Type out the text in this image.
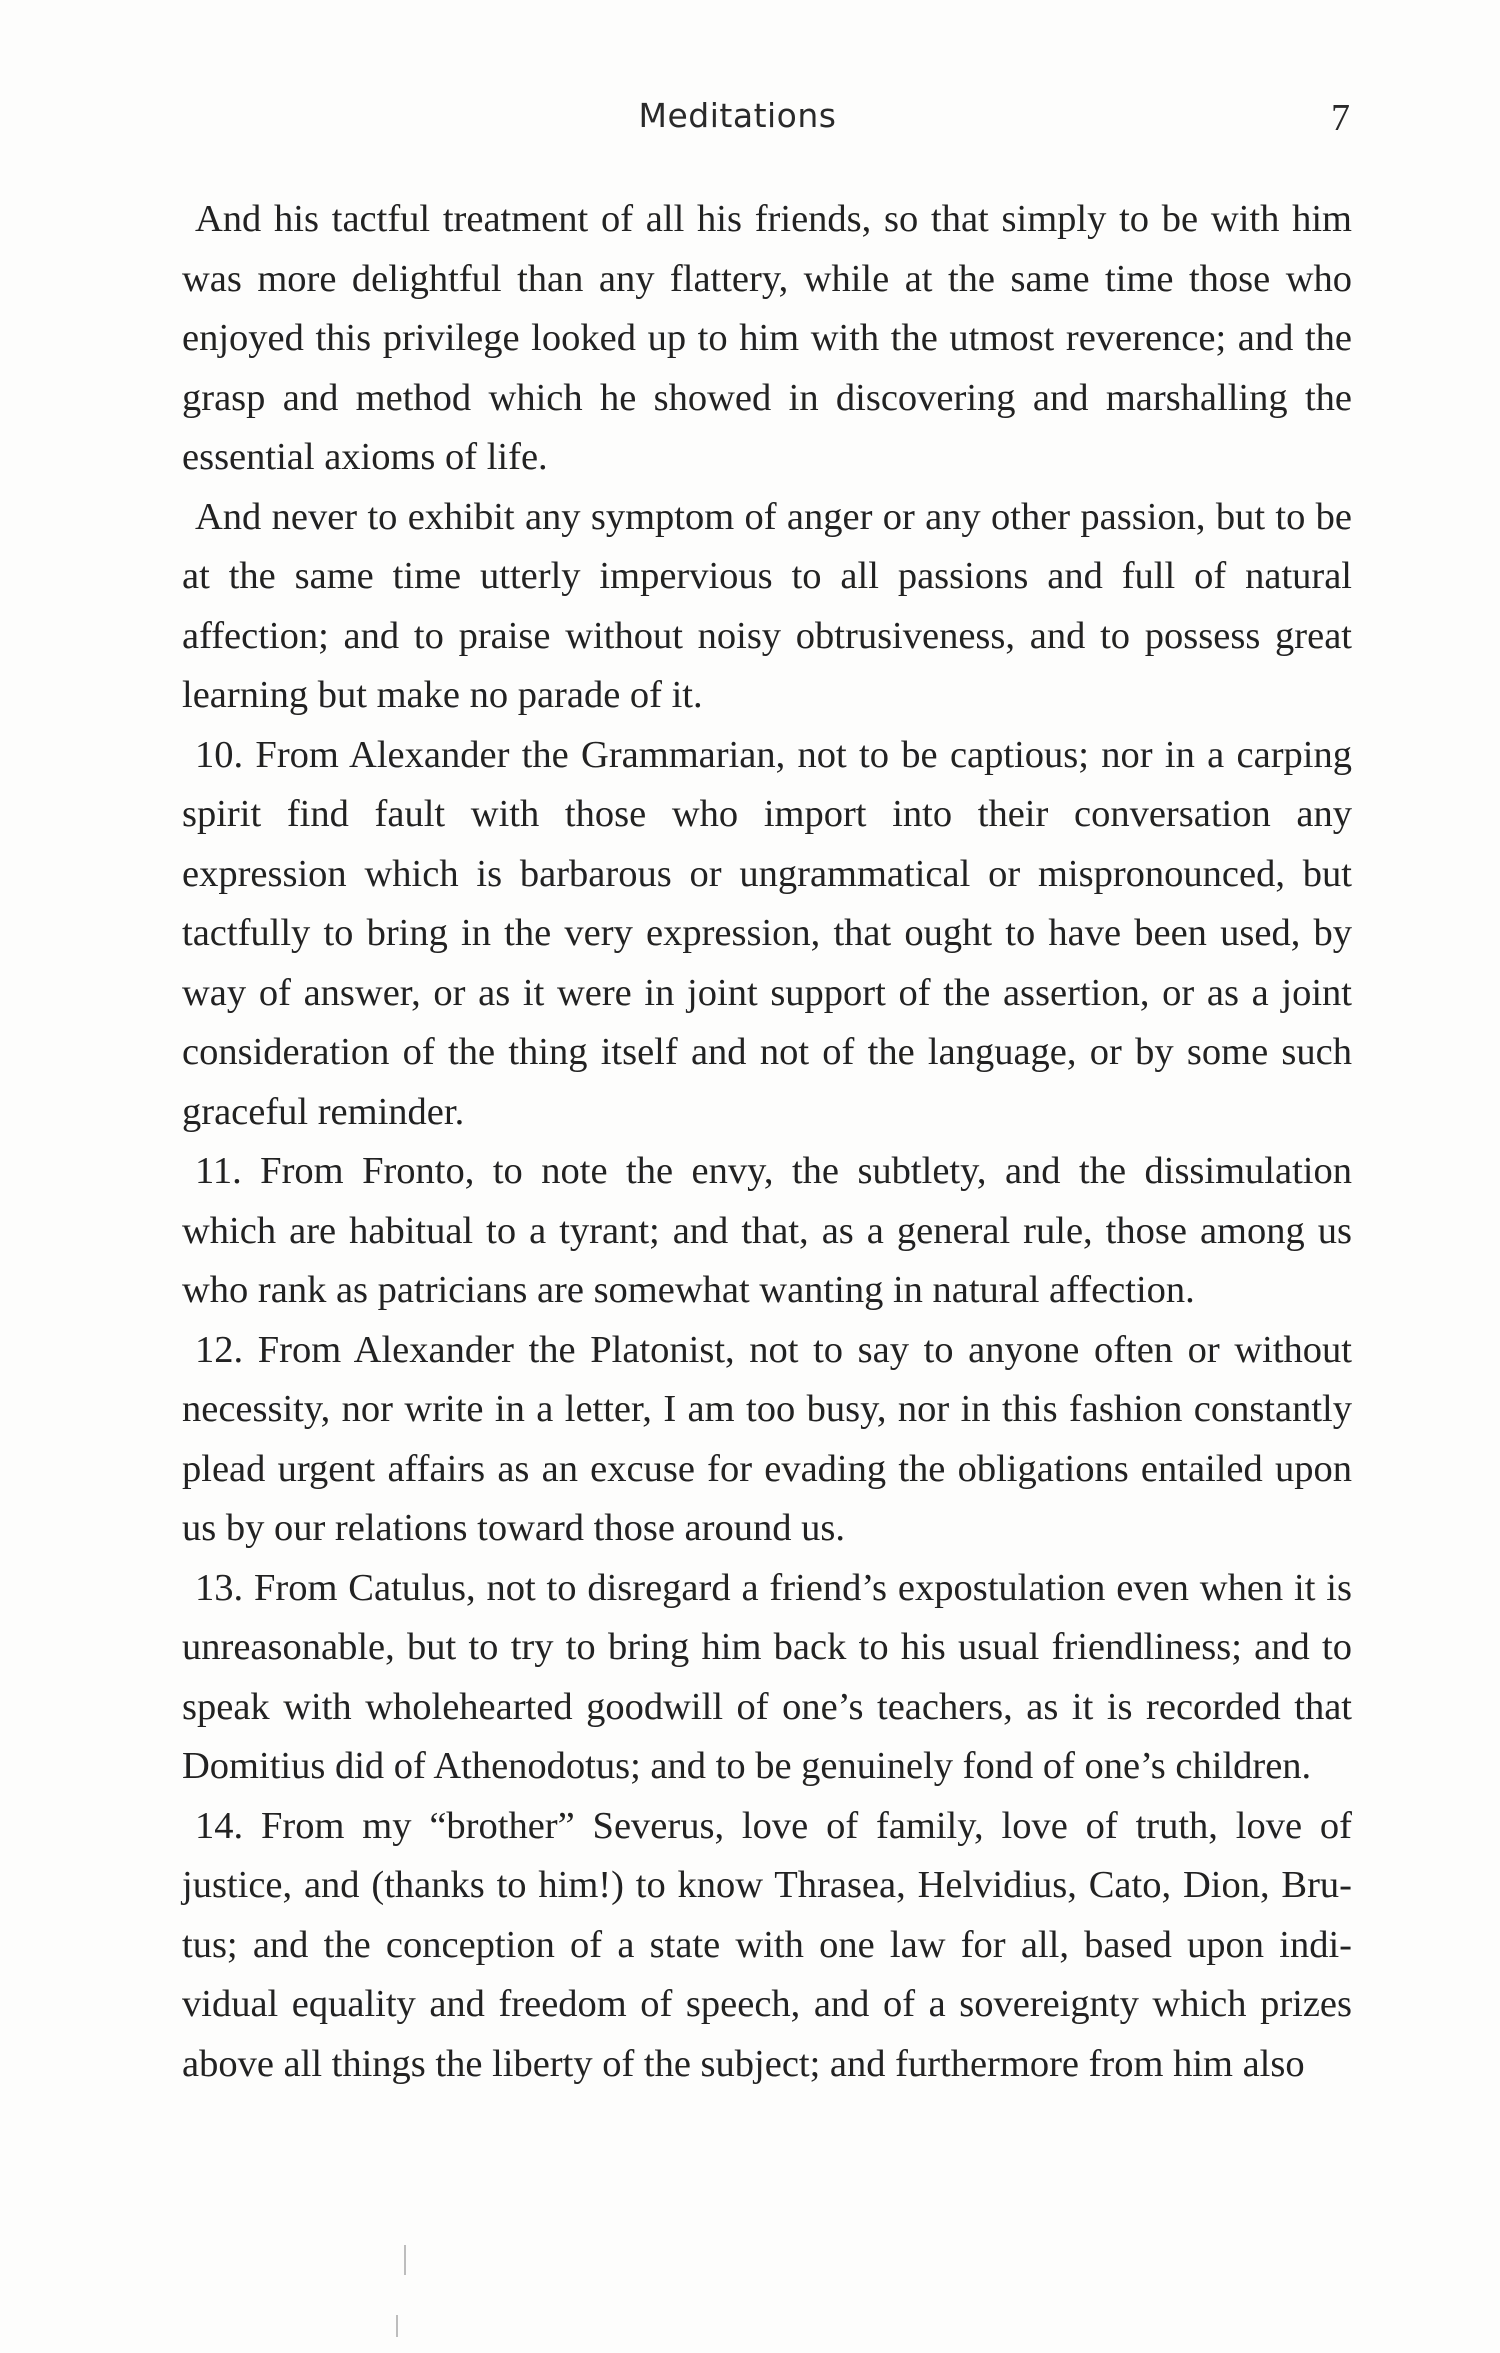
Meditations	7

And his tactful treatment of all his friends, so that simply to be with him was more delightful than any flattery, while at the same time those who enjoyed this privilege looked up to him with the utmost reverence; and the grasp and method which he showed in discovering and marshalling the essential axioms of life.

And never to exhibit any symptom of anger or any other passion, but to be at the same time utterly impervious to all passions and full of natural affection; and to praise without noisy obtrusiveness, and to possess great learning but make no parade of it.

10. From Alexander the Grammarian, not to be captious; nor in a carping spirit find fault with those who import into their conversation any expression which is barbarous or ungrammatical or mispronounced, but tactfully to bring in the very expression, that ought to have been used, by way of answer, or as it were in joint support of the assertion, or as a joint consideration of the thing itself and not of the language, or by some such graceful reminder.

11. From Fronto, to note the envy, the subtlety, and the dissimulation which are habitual to a tyrant; and that, as a general rule, those among us who rank as patricians are somewhat wanting in natural affection.

12. From Alexander the Platonist, not to say to anyone often or without necessity, nor write in a letter, I am too busy, nor in this fashion constantly plead urgent affairs as an excuse for evading the obligations entailed upon us by our relations toward those around us.

13. From Catulus, not to disregard a friend’s expostulation even when it is unreasonable, but to try to bring him back to his usual friendliness; and to speak with wholehearted goodwill of one’s teachers, as it is recorded that Domitius did of Athenodotus; and to be genuinely fond of one’s children.

14. From my “brother” Severus, love of family, love of truth, love of justice, and (thanks to him!) to know Thrasea, Helvidius, Cato, Dion, Brutus; and the conception of a state with one law for all, based upon individual equality and freedom of speech, and of a sovereignty which prizes above all things the liberty of the subject; and furthermore from him also
